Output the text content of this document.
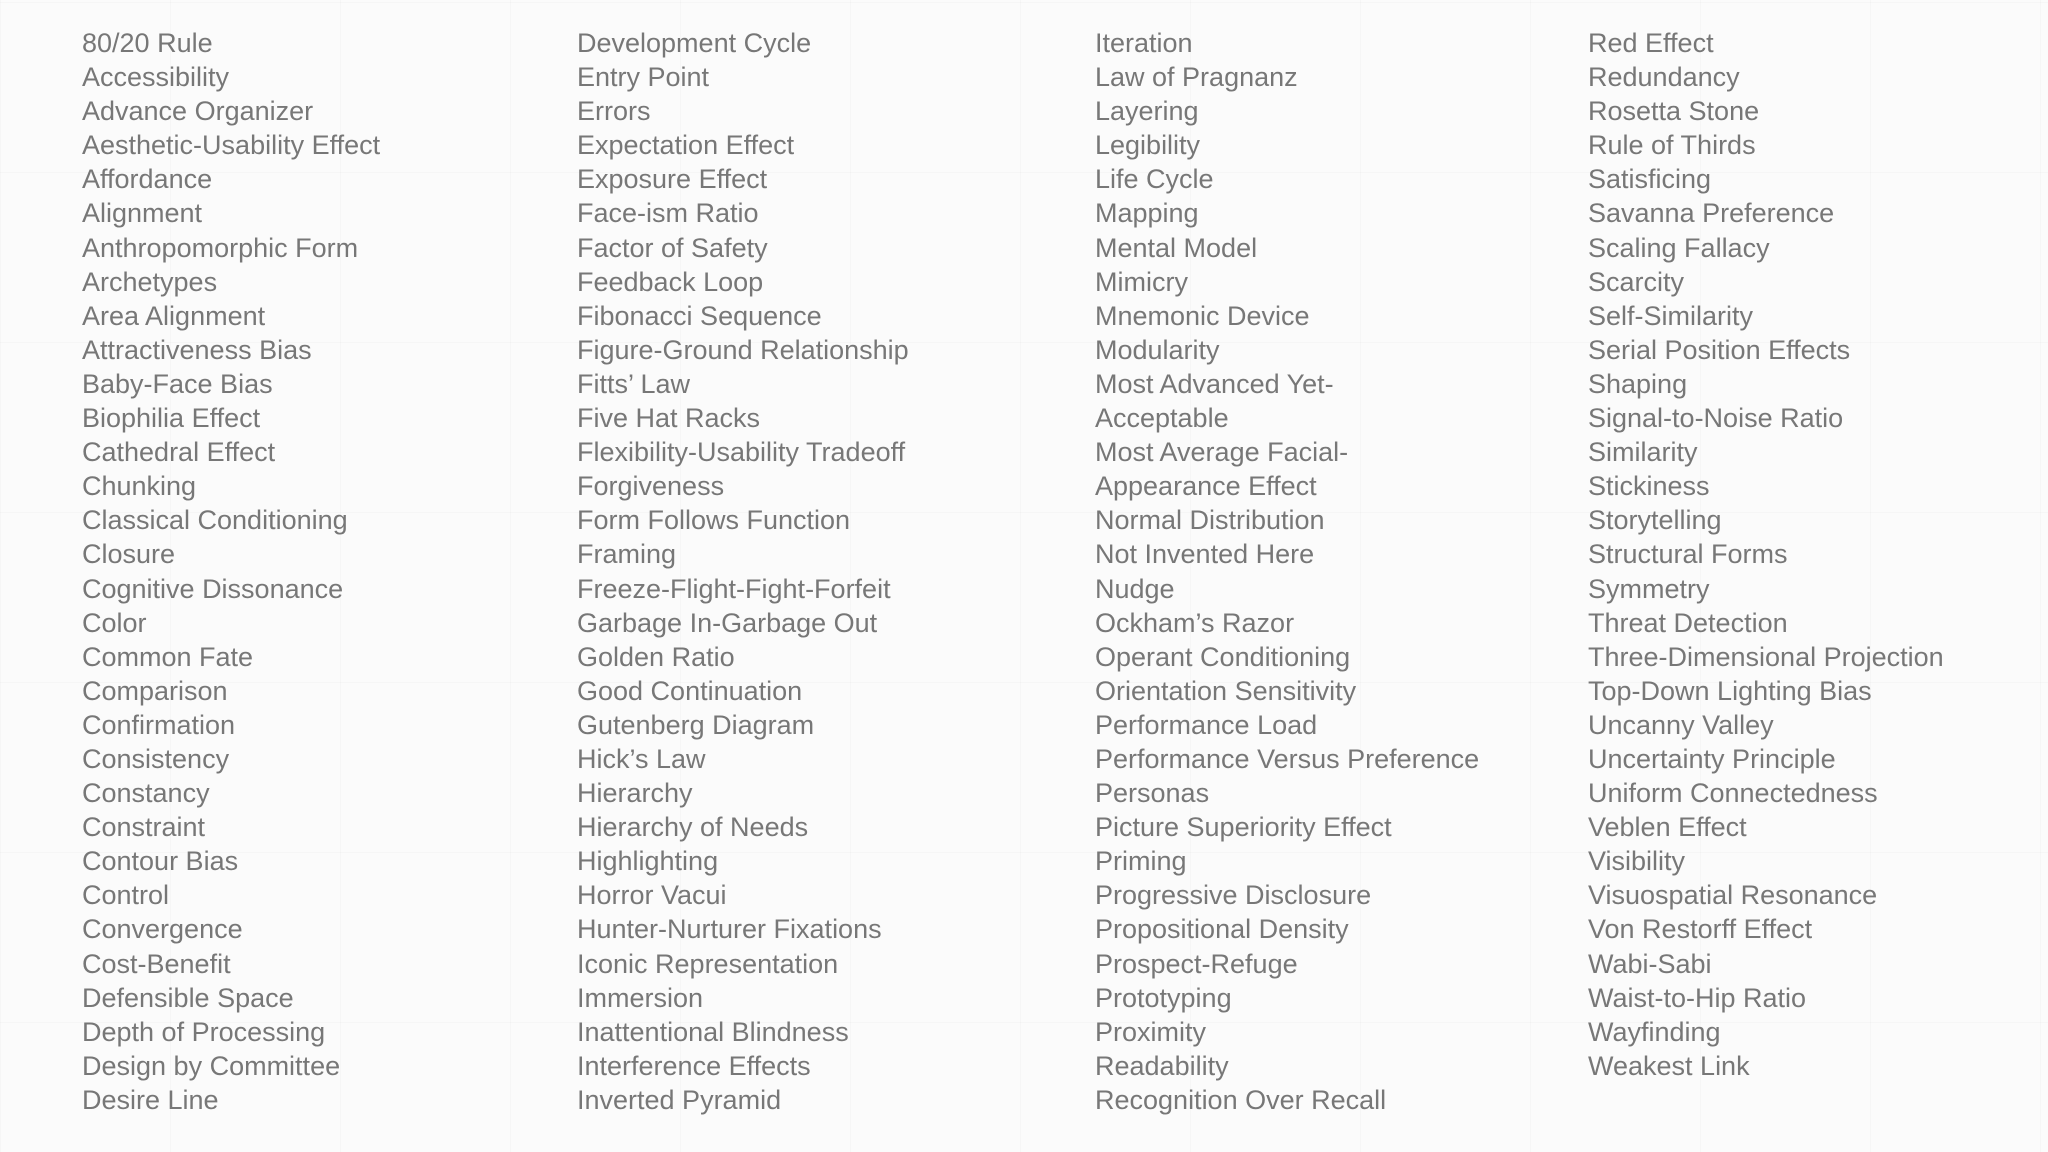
80/20 Rule
Accessibility
Advance Organizer
Aesthetic-Usability Effect
Affordance
Alignment
Anthropomorphic Form
Archetypes
Area Alignment
Attractiveness Bias
Baby-Face Bias
Biophilia Effect
Cathedral Effect
Chunking
Classical Conditioning
Closure
Cognitive Dissonance
Color
Common Fate
Comparison
Confirmation
Consistency
Constancy
Constraint
Contour Bias
Control
Convergence
Cost-Benefit
Defensible Space
Depth of Processing
Design by Committee
Desire Line
Development Cycle
Entry Point
Errors
Expectation Effect
Exposure Effect
Face-ism Ratio
Factor of Safety
Feedback Loop
Fibonacci Sequence
Figure-Ground Relationship
Fitts’ Law
Five Hat Racks
Flexibility-Usability Tradeoff
Forgiveness
Form Follows Function
Framing
Freeze-Flight-Fight-Forfeit
Garbage In-Garbage Out
Golden Ratio
Good Continuation
Gutenberg Diagram
Hick’s Law
Hierarchy
Hierarchy of Needs
Highlighting
Horror Vacui
Hunter-Nurturer Fixations
Iconic Representation
Immersion
Inattentional Blindness
Interference Effects
Inverted Pyramid
Iteration
Law of Pragnanz
Layering
Legibility
Life Cycle
Mapping
Mental Model
Mimicry
Mnemonic Device
Modularity
Most Advanced Yet-
Acceptable
Most Average Facial-
Appearance Effect
Normal Distribution
Not Invented Here
Nudge
Ockham’s Razor
Operant Conditioning
Orientation Sensitivity
Performance Load
Performance Versus Preference
Personas
Picture Superiority Effect
Priming
Progressive Disclosure
Propositional Density
Prospect-Refuge
Prototyping
Proximity
Readability
Recognition Over Recall
Red Effect
Redundancy
Rosetta Stone
Rule of Thirds
Satisficing
Savanna Preference
Scaling Fallacy
Scarcity
Self-Similarity
Serial Position Effects
Shaping
Signal-to-Noise Ratio
Similarity
Stickiness
Storytelling
Structural Forms
Symmetry
Threat Detection
Three-Dimensional Projection
Top-Down Lighting Bias
Uncanny Valley
Uncertainty Principle
Uniform Connectedness
Veblen Effect
Visibility
Visuospatial Resonance
Von Restorff Effect
Wabi-Sabi
Waist-to-Hip Ratio
Wayfinding
Weakest Link
